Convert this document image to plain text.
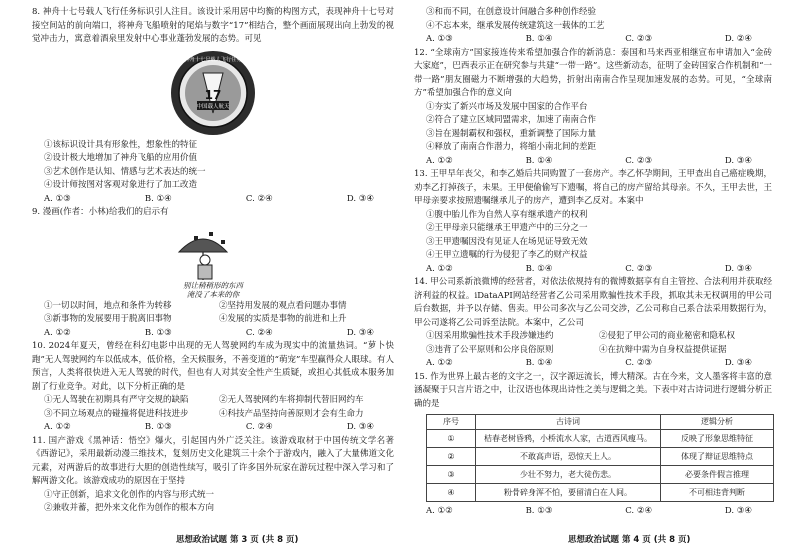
8. 神舟十七号载人飞行任务标识引人注目。该设计采用居中均衡的构图方式，表现神舟十七号对接空间站的前向端口，将神舟飞船喷射的尾焰与数字“17”相结合，整个画面展现出向上勃发的视觉冲击力，寓意着酒泉里发射中心事业蓬勃发展的态势。可见

17
中国载人航天
神舟十七号载人飞行任务

①该标识设计具有形象性，想象性的特征

②设计极大地增加了神舟飞船的应用价值

③艺术创作是认知、情感与艺术表达的统一

④设计师按图对客观对象进行了加工改造

A. ①③	B. ①④	C. ②④	D. ③④

9. 漫画(作者：小林)给我们的启示有

别让稍稍形的东西
淹没了本来的你
①一切以时间，地点和条件为转移	②坚持用发展的观点看问题办事情
③新事物的发展要用于脱离旧事物	④发展的实质是事物的前进和上升
A. ①②	B. ①③	C. ②④	D. ③④

10. 2024年夏天，曾经在科幻电影中出现的无人驾驶网约车成为现实中的流量热词。“萝卜快跑”无人驾驶网约车以低成本，低价格，全天候服务，不善变道的“萌宠”车型赢得众人眼球。有人预言，人类将很快进入无人驾驶的时代，但也有人对其安全性产生质疑，或担心其低成本服务加剧了行业竞争。对此，以下分析正确的是

①无人驾驶在初期具有严守交规的缺陷	②无人驾驶网约车将抑制代替旧网约车
③不同立场观点的碰撞将促进科技进步	④科技产品坚持向善原则才会有生命力
A. ①②	B. ①③	C. ②④	D. ③④

11. 国产游戏《黑神话：悟空》爆火，引起国内外广泛关注。该游戏取材于中国传统文学名著《西游记》，采用最新动漫三维技术，复刻历史文化建筑三十余个于游戏内，融入了大量佛道文化元素，对两游后的故事进行大胆的创造性续写，吸引了许多国外玩家在游玩过程中深入学习和了解两游文化。该游戏成功的原因在于坚持

①守正创新，追求文化创作的内容与形式统一

②兼收并蓄，把外来文化作为创作的根本方向

③和而不同，在创意设计间融合多种创作经验

④不忘本来，继承发展传统建筑这一载体的工艺

A. ①③	B. ①④	C. ②③	D. ②④

12. “全球南方”国家接连传来希望加强合作的新消息：泰国和马来西亚相继宣布申请加入“金砖大家庭”，巴西表示正在研究参与共建“一带一路”。这些新动态，征明了金砖国家合作机制和“一带一路”朋友圈磁力不断增强的大趋势，折射出南南合作呈现加速发展的态势。可见，“全球南方”希望加强合作的意义向

①夯实了新兴市场及发展中国家的合作平台

②符合了建立区域同盟需求，加速了南南合作

③旨在遏制霸权和强权，重新调整了国际力量

④释放了南南合作潜力，将缩小南北间的差距

A. ①②	B. ①④	C. ②③	D. ③④

13. 王甲早年丧父，和李乙婚后共同购置了一套房产。李乙怀孕期间，王甲查出自己癌症晚期，劝李乙打掉孩子，未果。王甲便偷偷写下遗嘱，将自己的房产留给其母亲。不久，王甲去世，王甲母亲要求按照遗嘱继承儿子的房产，遭到李乙反对。本案中

①腹中胎儿作为自然人享有继承遗产的权利

②王甲母亲只能继承王甲遗产中的三分之一

③王甲遗嘱因没有见证人在场见证导致无效

④王甲立遗嘱的行为侵犯了李乙的财产权益

A. ①②	B. ①④	C. ②③	D. ③④

14. 甲公司系新浪微博的经营者，对依法依规持有的微博数据享有自主管控、合法利用并获取经济利益的权益。iDataAPI网站经营者乙公司采用欺骗性技术手段，抓取其未无权调用的甲公司后台数据，并予以存储、售卖。甲公司多次与乙公司交涉，乙公司称自己系合法采用数据行为，甲公司遂将乙公司诉至法院。本案中，乙公司

①因采用欺骗性技术手段涉嫌违约	②侵犯了甲公司的商业秘密和隐私权
③违背了公平原则和公序良俗原则	④在抗辩中需为自身权益提供证据
A. ①②	B. ①④	C. ②③	D. ③④

15. 作为世界上最古老的文字之一，汉字源远流长，博大精深。古在今来，文人墨客将丰富的意涵凝聚于只言片语之中，让汉语也体现出诗性之美与逻辑之美。下表中对古诗词进行逻辑分析正确的是

序号	古诗词	逻辑分析
①	桔春老树昏鸦，小桥流水人家，古道西风瘦马。	反映了形象思维特征
②	不敢高声语，恐惊天上人。	体现了辩证思维特点
③	少壮不努力，老大徒伤悲。	必要条件假言推理
④	粉骨碎身浑不怕，要留清白在人间。	不可相违背判断
A. ①②	B. ①③	C. ②④	D. ③④
思想政治试题 第 3 页 (共 8 页)	思想政治试题 第 4 页 (共 8 页)
